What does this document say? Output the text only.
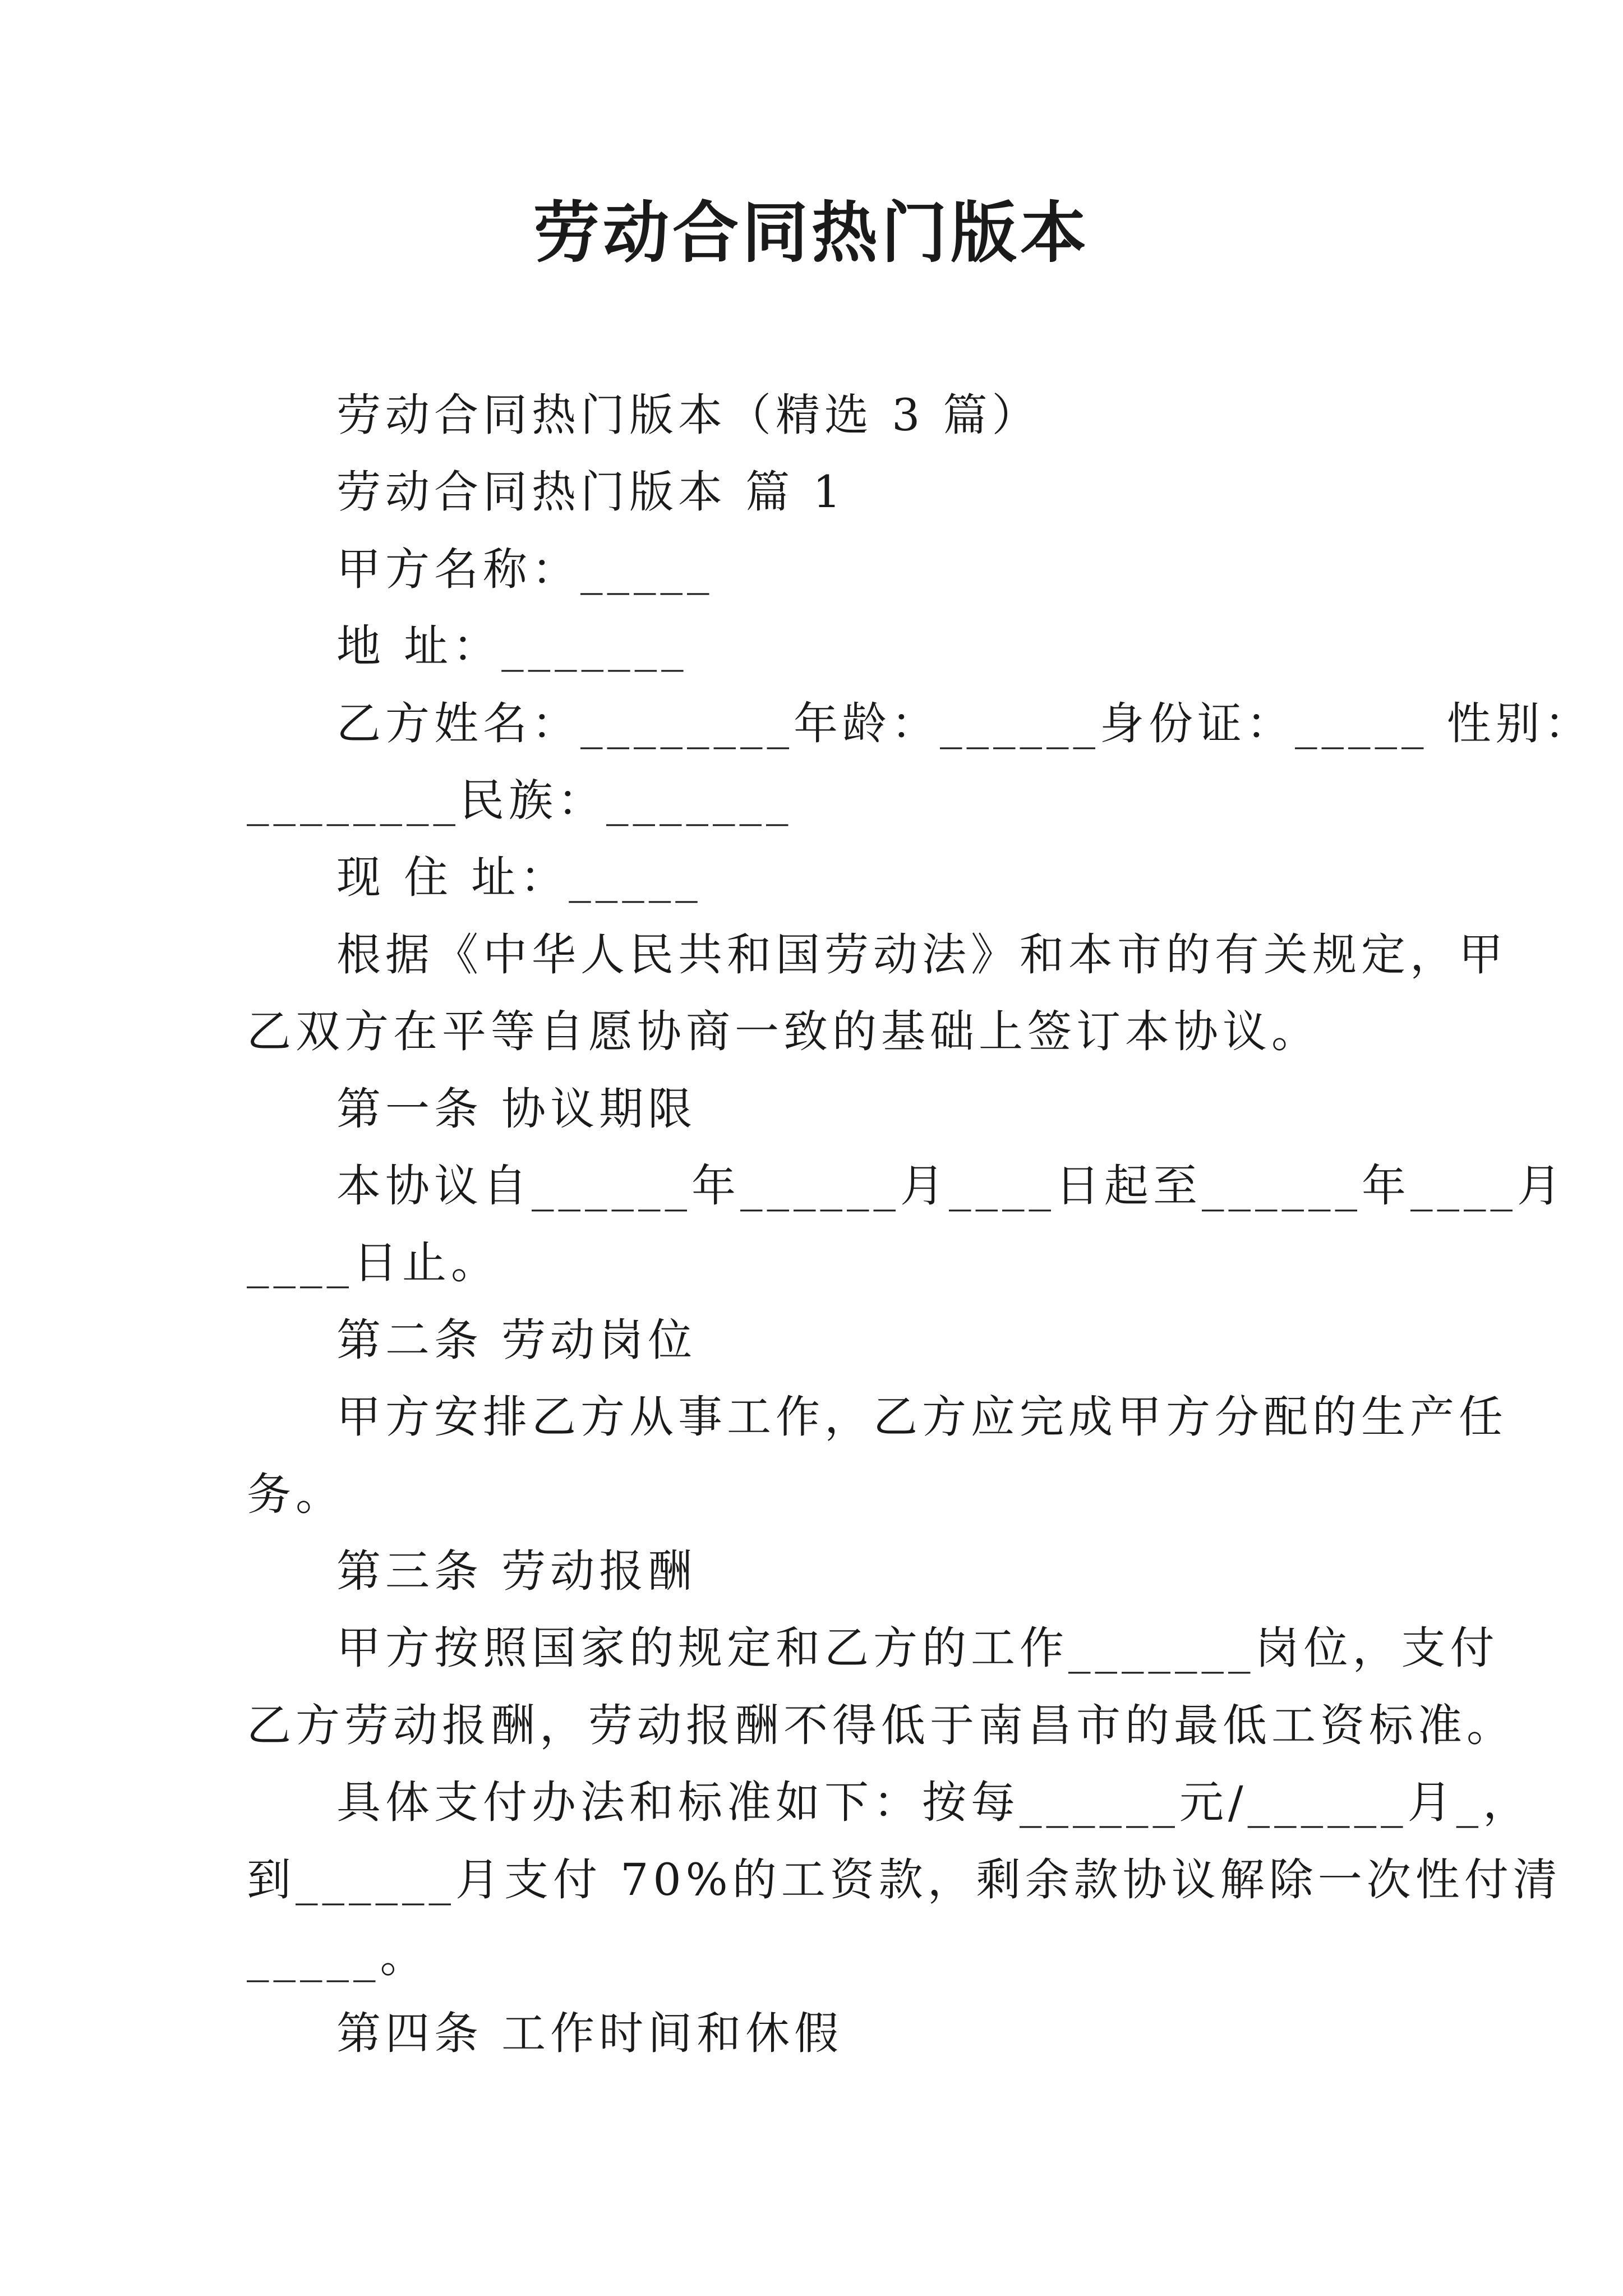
劳动合同热门版本
劳动合同热门版本（精选 3 篇）
劳动合同热门版本 篇 1
甲方名称：_____
地 址：_______
乙方姓名：________年龄：______身份证：_____ 性别：
________民族：_______
现 住 址：_____
根据《中华人民共和国劳动法》和本市的有关规定，甲
乙双方在平等自愿协商一致的基础上签订本协议。
第一条 协议期限
本协议自______年______月____日起至______年____月
____日止。
第二条 劳动岗位
甲方安排乙方从事工作，乙方应完成甲方分配的生产任
务。
第三条 劳动报酬
甲方按照国家的规定和乙方的工作_______岗位，支付
乙方劳动报酬，劳动报酬不得低于南昌市的最低工资标准。
具体支付办法和标准如下：按每______元/______月_，
到______月支付 70%的工资款，剩余款协议解除一次性付清
_____。
第四条 工作时间和休假
